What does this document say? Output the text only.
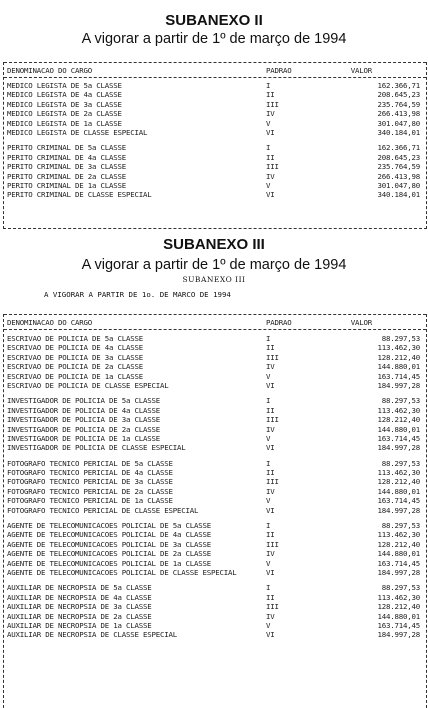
SUBANEXO II

A vigorar a partir de 1º de março de 1994

DENOMINACAO DO CARGO	PADRAO	VALOR
MEDICO LEGISTA DE 5a CLASSE	I	162.366,71
MEDICO LEGISTA DE 4a CLASSE	II	208.645,23
MEDICO LEGISTA DE 3a CLASSE	III	235.764,59
MEDICO LEGISTA DE 2a CLASSE	IV	266.413,98
MEDICO LEGISTA DE 1a CLASSE	V	301.047,80
MEDICO LEGISTA DE CLASSE ESPECIAL	VI	340.184,01
PERITO CRIMINAL DE 5a CLASSE	I	162.366,71
PERITO CRIMINAL DE 4a CLASSE	II	208.645,23
PERITO CRIMINAL DE 3a CLASSE	III	235.764,59
PERITO CRIMINAL DE 2a CLASSE	IV	266.413,98
PERITO CRIMINAL DE 1a CLASSE	V	301.047,80
PERITO CRIMINAL DE CLASSE ESPECIAL	VI	340.184,01

SUBANEXO III

A vigorar a partir de 1º de março de 1994

SUBANEXO III
A VIGORAR A PARTIR DE 1o. DE MARCO DE 1994
DENOMINACAO DO CARGO	PADRAO	VALOR
ESCRIVAO DE POLICIA DE 5a CLASSE	I	88.297,53
ESCRIVAO DE POLICIA DE 4a CLASSE	II	113.462,30
ESCRIVAO DE POLICIA DE 3a CLASSE	III	128.212,40
ESCRIVAO DE POLICIA DE 2a CLASSE	IV	144.880,01
ESCRIVAO DE POLICIA DE 1a CLASSE	V	163.714,45
ESCRIVAO DE POLICIA DE CLASSE ESPECIAL	VI	184.997,28
INVESTIGADOR DE POLICIA DE 5a CLASSE	I	88.297,53
INVESTIGADOR DE POLICIA DE 4a CLASSE	II	113.462,30
INVESTIGADOR DE POLICIA DE 3a CLASSE	III	128.212,40
INVESTIGADOR DE POLICIA DE 2a CLASSE	IV	144.880,01
INVESTIGADOR DE POLICIA DE 1a CLASSE	V	163.714,45
INVESTIGADOR DE POLICIA DE CLASSE ESPECIAL	VI	184.997,28
FOTOGRAFO TECNICO PERICIAL DE 5a CLASSE	I	88.297,53
FOTOGRAFO TECNICO PERICIAL DE 4a CLASSE	II	113.462,30
FOTOGRAFO TECNICO PERICIAL DE 3a CLASSE	III	128.212,40
FOTOGRAFO TECNICO PERICIAL DE 2a CLASSE	IV	144.880,01
FOTOGRAFO TECNICO PERICIAL DE 1a CLASSE	V	163.714,45
FOTOGRAFO TECNICO PERICIAL DE CLASSE ESPECIAL	VI	184.997,28
AGENTE DE TELECOMUNICACOES POLICIAL DE 5a CLASSE	I	88.297,53
AGENTE DE TELECOMUNICACOES POLICIAL DE 4a CLASSE	II	113.462,30
AGENTE DE TELECOMUNICACOES POLICIAL DE 3a CLASSE	III	128.212,40
AGENTE DE TELECOMUNICACOES POLICIAL DE 2a CLASSE	IV	144.880,01
AGENTE DE TELECOMUNICACOES POLICIAL DE 1a CLASSE	V	163.714,45
AGENTE DE TELECOMUNICACOES POLICIAL DE CLASSE ESPECIAL	VI	184.997,28
AUXILIAR DE NECROPSIA DE 5a CLASSE	I	88.297,53
AUXILIAR DE NECROPSIA DE 4a CLASSE	II	113.462,30
AUXILIAR DE NECROPSIA DE 3a CLASSE	III	128.212,40
AUXILIAR DE NECROPSIA DE 2a CLASSE	IV	144.880,01
AUXILIAR DE NECROPSIA DE 1a CLASSE	V	163.714,45
AUXILIAR DE NECROPSIA DE CLASSE ESPECIAL	VI	184.997,28
